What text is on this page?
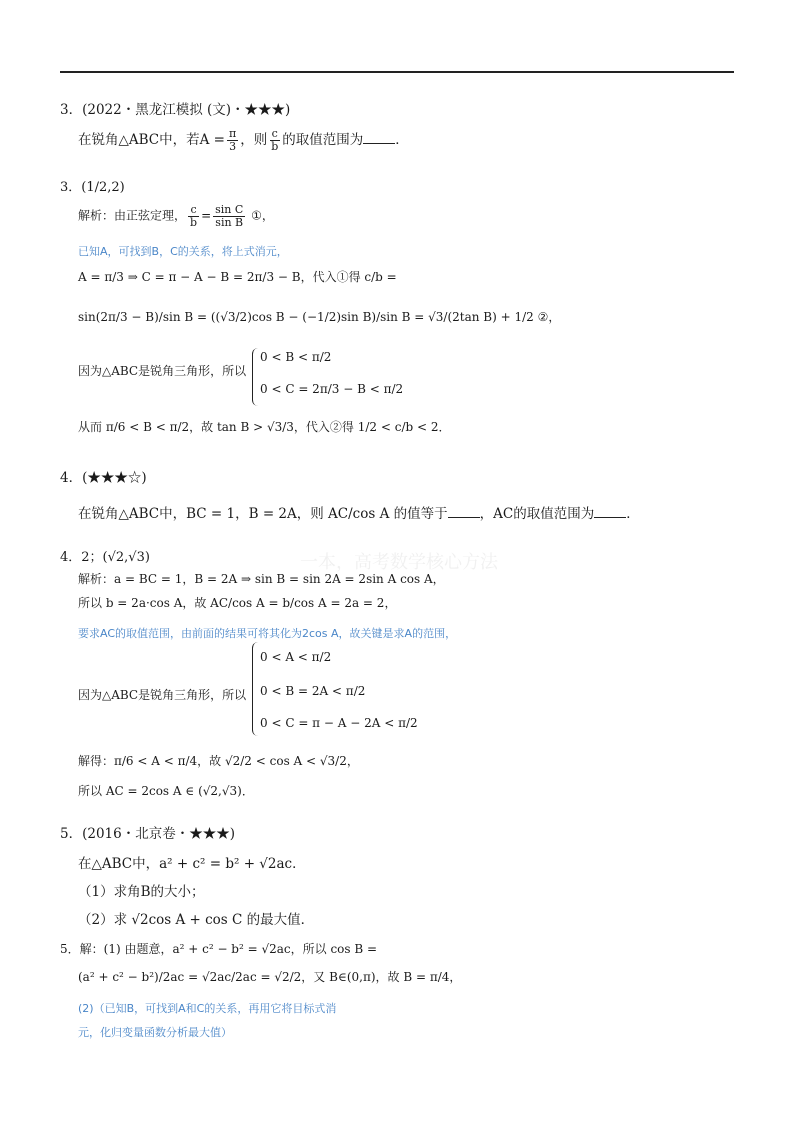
一本，高考数学核心方法
3．(2022・黑龙江模拟 (文)・★★★)
在锐角△ABC中，若$A = \frac{\pi}{3}$ ，则 $\frac{c}{b}$ 的取值范围为 ．
3．(1/2,2)
解析：由正弦定理， $\frac{c}{b} = \frac{\text{sin C}}{\text{sin B}}$ ①，
已知A，可找到B，C的关系，将上式消元，
A = π/3 ⇒ C = π − A − B = 2π/3 − B，代入①得 c/b =
sin(2π/3 − B)/sin B = ((√3/2)cos B − (−1/2)sin B)/sin B = √3/(2tan B) + 1/2 ②，
因为△ABC是锐角三角形，所以
0 < B < π/2
0 < C = 2π/3 − B < π/2
从而 π/6 < B < π/2，故 tan B > √3/3，代入②得 1/2 < c/b < 2．
4．(★★★☆)
在锐角△ABC中，BC = 1，B = 2A，则 AC/cos A 的值等于 ，AC的取值范围为 ．
4．2；(√2,√3)
解析：a = BC = 1，B = 2A ⇒ sin B = sin 2A = 2sin A cos A，
所以 b = 2a·cos A，故 AC/cos A = b/cos A = 2a = 2，
要求AC的取值范围，由前面的结果可将其化为2cos A，故关键是求A的范围，
因为△ABC是锐角三角形，所以
0 < A < π/2
0 < B = 2A < π/2
0 < C = π − A − 2A < π/2
解得：π/6 < A < π/4，故 √2/2 < cos A < √3/2，
所以 AC = 2cos A ∈ (√2,√3)．
5．(2016・北京卷・★★★)
在△ABC中，a² + c² = b² + √2ac．
（1）求角B的大小；
（2）求 √2cos A + cos C 的最大值．
5．解：(1) 由题意，a² + c² − b² = √2ac，所以 cos B =
(a² + c² − b²)/2ac = √2ac/2ac = √2/2，又 B∈(0,π)，故 B = π/4，
(2)（已知B，可找到A和C的关系，再用它将目标式消
元，化归变量函数分析最大值）
